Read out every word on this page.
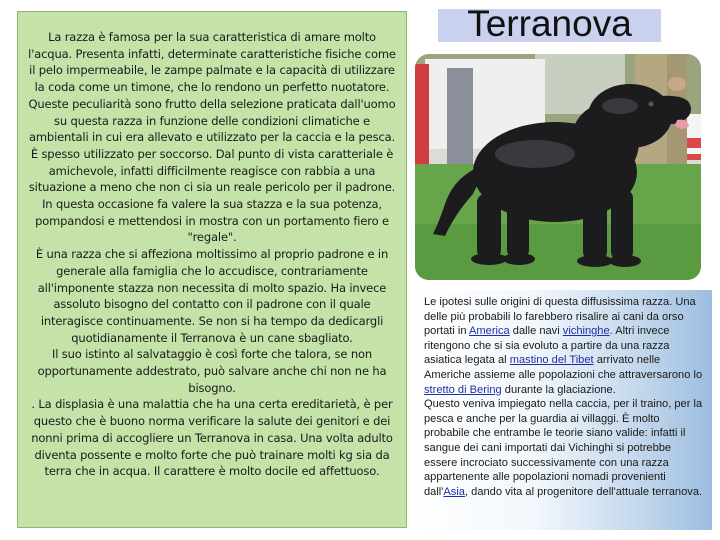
La razza è famosa per la sua caratteristica di amare molto l'acqua. Presenta infatti, determinate caratteristiche fisiche come il pelo impermeabile, le zampe palmate e la capacità di utilizzare la coda come un timone, che lo rendono un perfetto nuotatore. Queste peculiarità sono frutto della selezione praticata dall'uomo su questa razza in funzione delle condizioni climatiche e ambientali in cui era allevato e utilizzato per la caccia e la pesca. È spesso utilizzato per soccorso. Dal punto di vista caratteriale è amichevole, infatti difficilmente reagisce con rabbia a una situazione a meno che non ci sia un reale pericolo per il padrone. In questa occasione fa valere la sua stazza e la sua potenza, pompandosi e mettendosi in mostra con un portamento fiero e "regale".
È una razza che si affeziona moltissimo al proprio padrone e in generale alla famiglia che lo accudisce, contrariamente all'imponente stazza non necessita di molto spazio. Ha invece assoluto bisogno del contatto con il padrone con il quale interagisce continuamente. Se non si ha tempo da dedicargli quotidianamente il Terranova è un cane sbagliato.
Il suo istinto al salvataggio è così forte che talora, se non opportunamente addestrato, può salvare anche chi non ne ha bisogno.
. La displasia è una malattia che ha una certa ereditarietà, è per questo che è buono norma verificare la salute dei genitori e dei nonni prima di accogliere un Terranova in casa. Una volta adulto diventa possente e molto forte che può trainare molti kg sia da terra che in acqua. Il carattere è molto docile ed affettuoso.

Terranova

Le ipotesi sulle origini di questa diffusissima razza. Una delle più probabili lo farebbero risalire ai cani da orso portati in America dalle navi vichinghe. Altri invece ritengono che si sia evoluto a partire da una razza asiatica legata al mastino del Tibet arrivato nelle Americhe assieme alle popolazioni che attraversarono lo stretto di Bering durante la glaciazione.
Questo veniva impiegato nella caccia, per il traino, per la pesca e anche per la guardia ai villaggi. È molto probabile che entrambe le teorie siano valide: infatti il sangue dei cani importati dai Vichinghi si potrebbe essere incrociato successivamente con una razza appartenente alle popolazioni nomadi provenienti dall'Asia, dando vita al progenitore dell'attuale terranova.
